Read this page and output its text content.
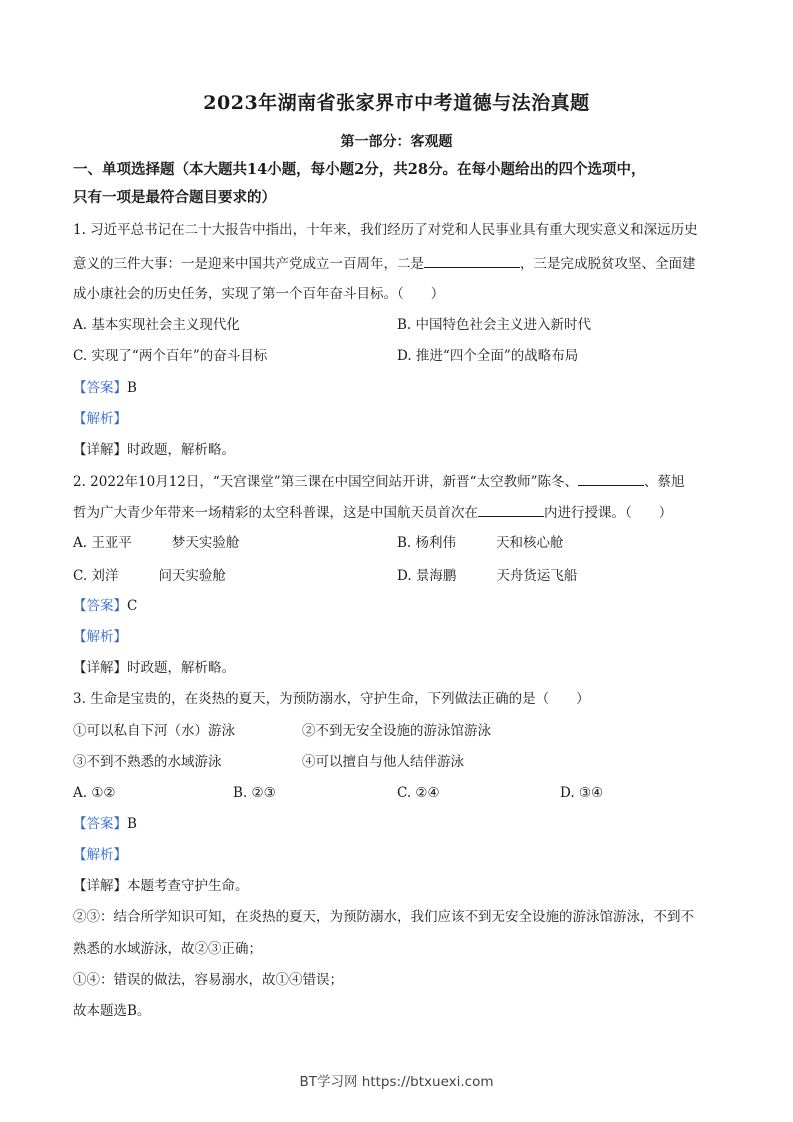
2023年湖南省张家界市中考道德与法治真题
第一部分：客观题
一、单项选择题（本大题共14小题，每小题2分，共28分。在每小题给出的四个选项中，
只有一项是最符合题目要求的）
1. 习近平总书记在二十大报告中指出，十年来，我们经历了对党和人民事业具有重大现实意义和深远历史
意义的三件大事：一是迎来中国共产党成立一百周年，二是	，三是完成脱贫攻坚、全面建
成小康社会的历史任务，实现了第一个百年奋斗目标。（　　）
A. 基本实现社会主义现代化	B. 中国特色社会主义进入新时代
C. 实现了“两个百年”的奋斗目标	D. 推进“四个全面”的战略布局
【答案】B
【解析】
【详解】时政题，解析略。
2. 2022年10月12日，“天宫课堂”第三课在中国空间站开讲，新晋“太空教师”陈冬、	、蔡旭
哲为广大青少年带来一场精彩的太空科普课，这是中国航天员首次在	内进行授课。（　　）
A. 王亚平	梦天实验舱	B. 杨利伟	天和核心舱
C. 刘洋	问天实验舱	D. 景海鹏	天舟货运飞船
【答案】C
【解析】
【详解】时政题，解析略。
3. 生命是宝贵的，在炎热的夏天，为预防溺水，守护生命，下列做法正确的是（　　）
①可以私自下河（水）游泳	②不到无安全设施的游泳馆游泳
③不到不熟悉的水域游泳	④可以擅自与他人结伴游泳
A. ①②	B. ②③	C. ②④	D. ③④
【答案】B
【解析】
【详解】本题考查守护生命。
②③：结合所学知识可知，在炎热的夏天，为预防溺水，我们应该不到无安全设施的游泳馆游泳，不到不
熟悉的水域游泳，故②③正确；
①④：错误的做法，容易溺水，故①④错误；
故本题选B。
BT学习网 https://btxuexi.com
